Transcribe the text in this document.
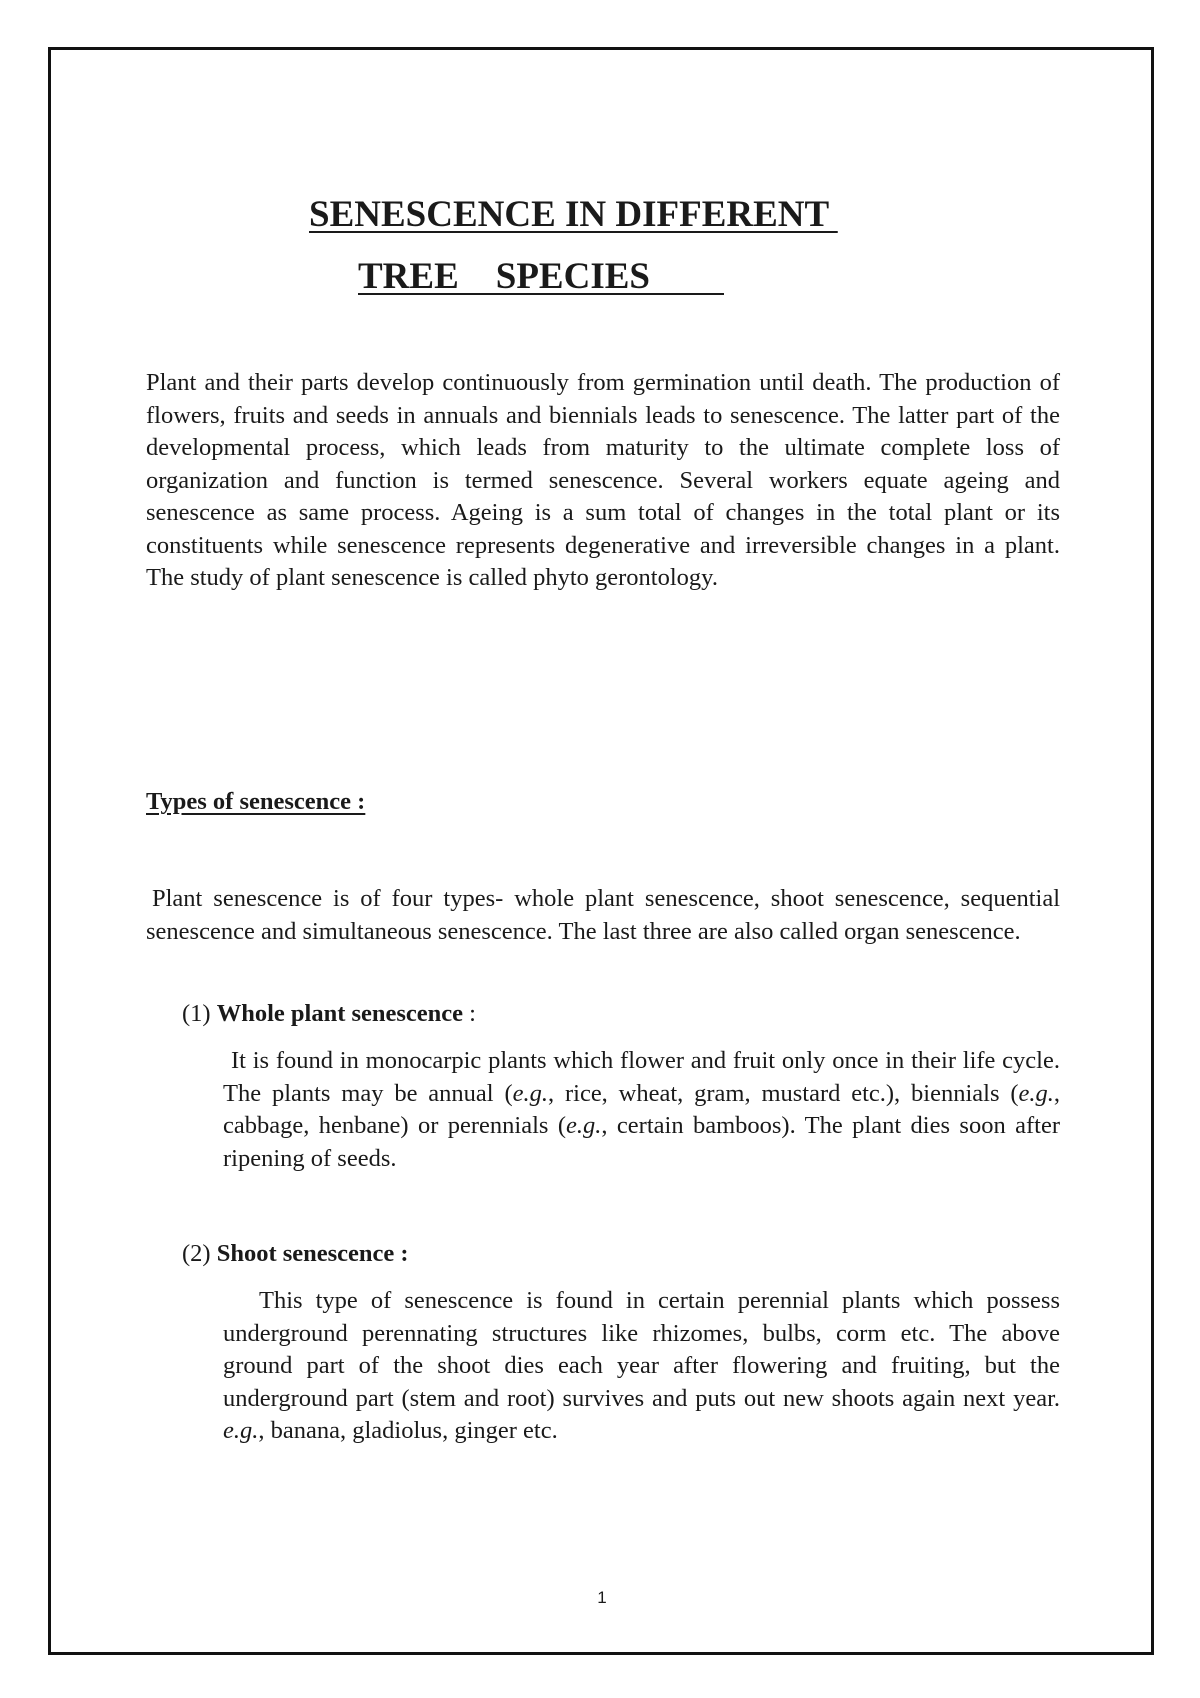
SENESCENCE IN DIFFERENT
TREE    SPECIES
Plant and their parts develop continuously from germination until death. The production of flowers, fruits and seeds in annuals and biennials leads to senescence. The latter part of the developmental process, which leads from maturity to the ultimate complete loss of organization and function is termed senescence. Several workers equate ageing and senescence as same process. Ageing is a sum total of changes in the total plant or its constituents while senescence represents degenerative and irreversible changes in a plant. The study of plant senescence is called phyto gerontology.
Types of senescence :
Plant senescence is of four types- whole plant senescence, shoot senescence, sequential senescence and simultaneous senescence. The last three are also called organ senescence.
(1) Whole plant senescence :
It is found in monocarpic plants which flower and fruit only once in their life cycle. The plants may be annual (e.g., rice, wheat, gram, mustard etc.), biennials (e.g., cabbage, henbane) or perennials (e.g., certain bamboos). The plant dies soon after ripening of seeds.
(2) Shoot senescence :
This type of senescence is found in certain perennial plants which possess underground perennating structures like rhizomes, bulbs, corm etc. The above ground part of the shoot dies each year after flowering and fruiting, but the underground part (stem and root) survives and puts out new shoots again next year. e.g., banana, gladiolus, ginger etc.
1
